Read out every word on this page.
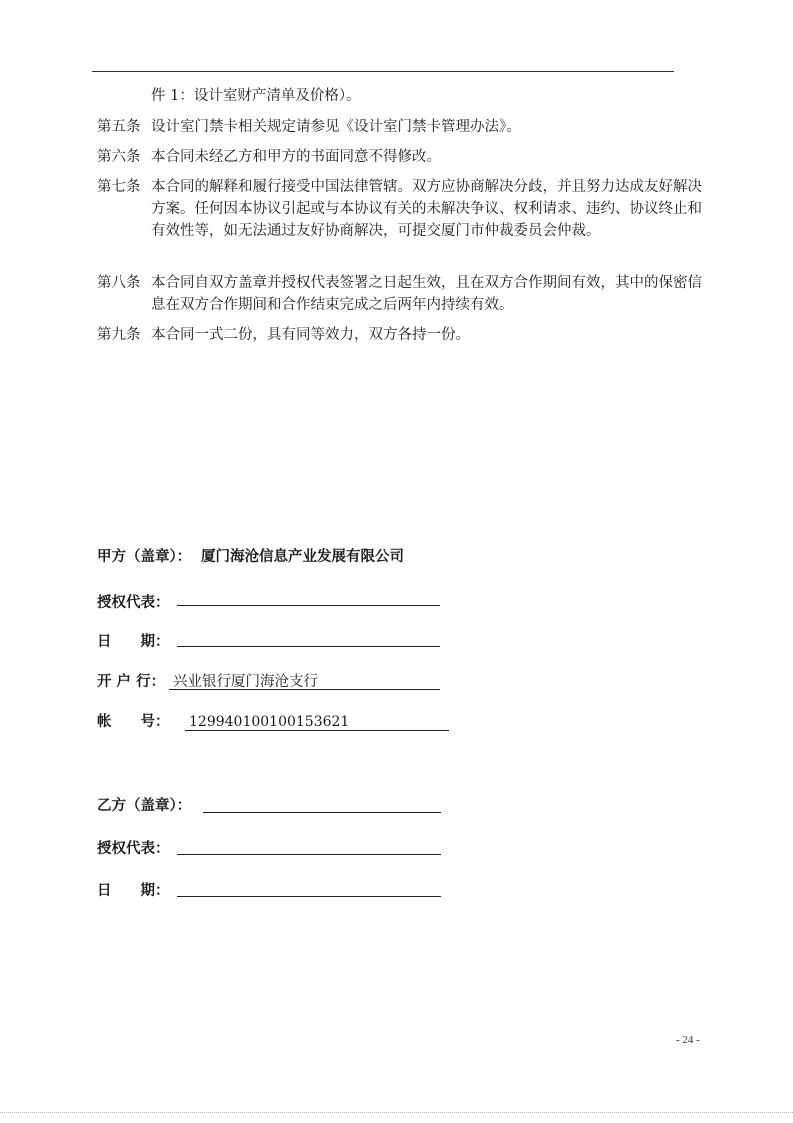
件 1：设计室财产清单及价格）。
第五条 设计室门禁卡相关规定请参见《设计室门禁卡管理办法》。
第六条 本合同未经乙方和甲方的书面同意不得修改。
第七条 本合同的解释和履行接受中国法律管辖。双方应协商解决分歧，并且努力达成友好解决方案。任何因本协议引起或与本协议有关的未解决争议、权利请求、违约、协议终止和有效性等，如无法通过友好协商解决，可提交厦门市仲裁委员会仲裁。
第八条 本合同自双方盖章并授权代表签署之日起生效，且在双方合作期间有效，其中的保密信息在双方合作期间和合作结束完成之后两年内持续有效。
第九条 本合同一式二份，具有同等效力，双方各持一份。
甲方（盖章）： 厦门海沧信息产业发展有限公司
授权代表：
日　　期：
开 户 行： 兴业银行厦门海沧支行
帐　　号： 129940100100153621
乙方（盖章）：
授权代表：
日　　期：
- 24 -
